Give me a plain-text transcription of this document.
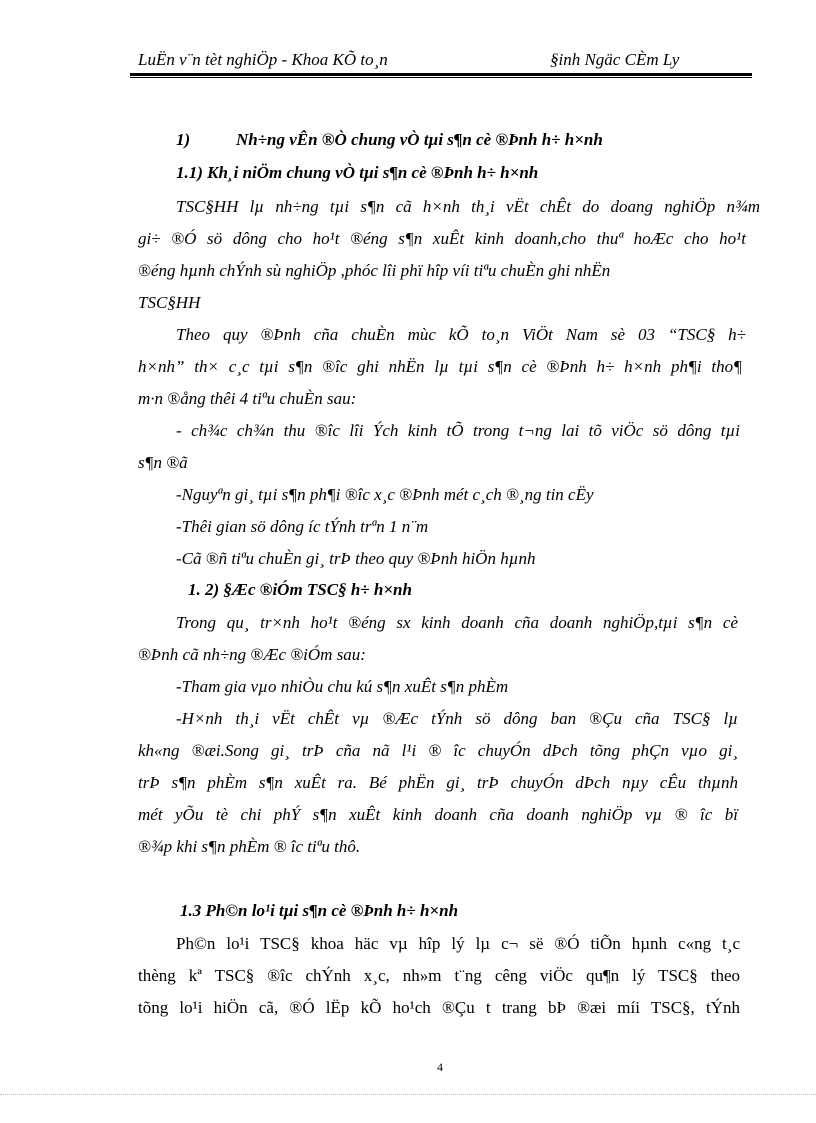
LuËn v¨n tèt nghiÖp - Khoa KÕ to¸n	§inh Ngäc CÈm Ly
1)	Nh÷ng vÊn ®Ò chung vÒ tµi s¶n cè ®Þnh h÷ h×nh
1.1) Kh¸i niÖm chung vÒ tµi s¶n cè ®Þnh h÷ h×nh
TSC§HH lµ nh÷ng tµi s¶n cã h×nh th¸i vËt chÊt do doang nghiÖp n¾m
gi÷ ®Ó sö dông cho ho¹t ®éng s¶n xuÊt kinh doanh,cho thuª hoÆc cho ho¹t
®éng hµnh chÝnh sù nghiÖp ,phóc lîi phï hîp víi tiªu chuÈn ghi nhËn
TSC§HH
Theo quy ®Þnh cña chuÈn mùc kÕ to¸n ViÖt Nam sè 03 “TSC§ h÷
h×nh” th× c¸c tµi s¶n ®îc ghi nhËn lµ tµi s¶n cè ®Þnh h÷ h×nh ph¶i tho¶
m·n ®ång thêi 4 tiªu chuÈn sau:
- ch¾c ch¾n thu ®îc lîi Ých kinh tÕ trong t¬ng lai tõ viÖc sö dông tµi
s¶n ®ã
-Nguyªn gi¸ tµi s¶n ph¶i ®îc x¸c ®Þnh mét c¸ch ®¸ng tin cËy
-Thêi gian sö dông íc tÝnh trªn 1 n¨m
-Cã ®ñ tiªu chuÈn gi¸ trÞ theo quy ®Þnh hiÖn hµnh
1. 2) §Æc ®iÓm TSC§ h÷ h×nh
Trong qu¸ tr×nh ho¹t ®éng sx kinh doanh cña doanh nghiÖp,tµi s¶n cè
®Þnh cã nh÷ng ®Æc ®iÓm sau:
-Tham gia vµo nhiÒu chu kú s¶n xuÊt s¶n phÈm
-H×nh th¸i vËt chÊt vµ ®Æc tÝnh sö dông ban ®Çu cña TSC§ lµ
kh«ng ®æi.Song gi¸ trÞ cña nã l¹i ® îc chuyÓn dÞch tõng phÇn vµo gi¸
trÞ s¶n phÈm s¶n xuÊt ra. Bé phËn gi¸ trÞ chuyÓn dÞch nµy cÊu thµnh
mét yÕu tè chi phÝ s¶n xuÊt kinh doanh cña doanh nghiÖp vµ ® îc bï
®¾p khi s¶n phÈm ® îc tiªu thô.
1.3 Ph©n lo¹i tµi s¶n cè ®Þnh h÷ h×nh
Ph©n lo¹i TSC§ khoa häc vµ hîp lý lµ c¬ së ®Ó tiÕn hµnh c«ng t¸c
thèng kª TSC§ ®îc chÝnh x¸c, nh»m t¨ng cêng viÖc qu¶n lý TSC§ theo
tõng lo¹i hiÖn cã, ®Ó lËp kÕ ho¹ch ®Çu t trang bÞ ®æi míi TSC§, tÝnh
4
